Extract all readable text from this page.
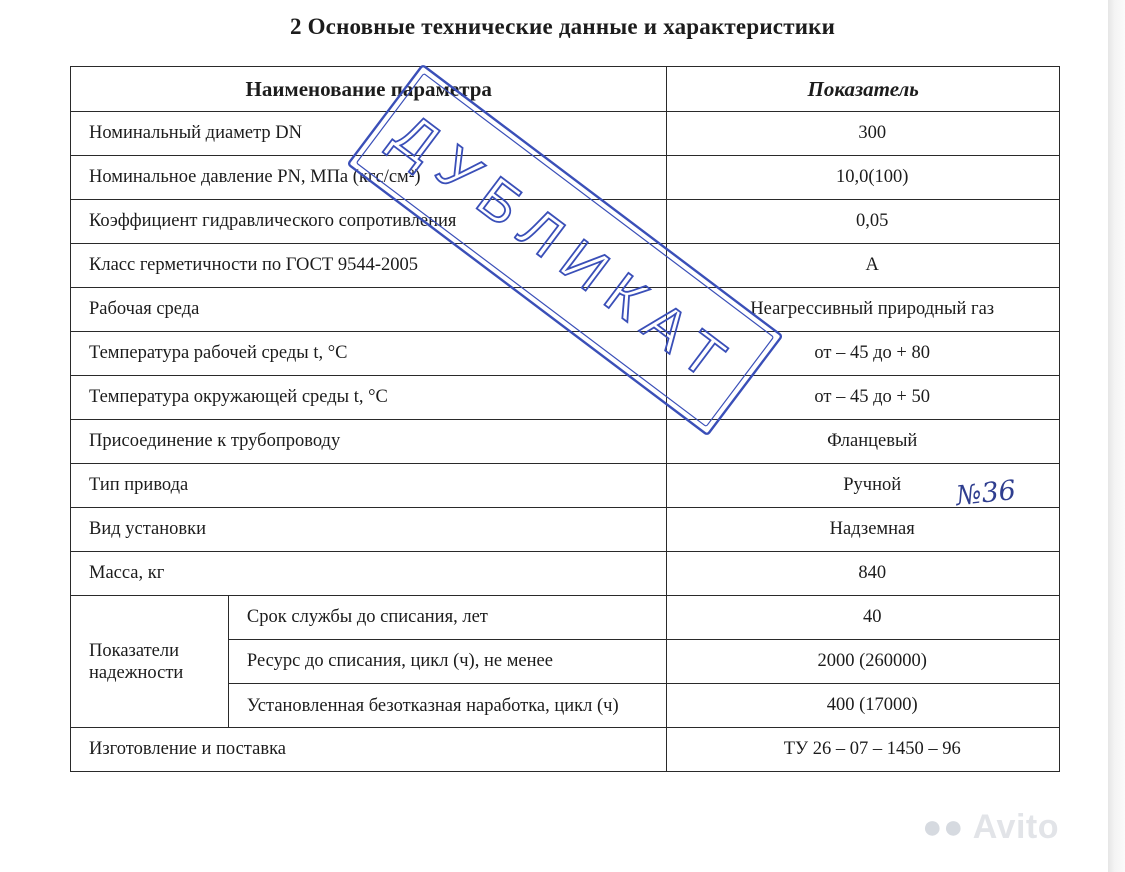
2 Основные технические данные и характеристики
Наименование параметра		Показатель
Номинальный диаметр DN		300
Номинальное давление PN, МПа (кгс/см²)		10,0(100)
Коэффициент гидравлического сопротивления		0,05
Класс герметичности по ГОСТ 9544-2005		А
Рабочая среда		Неагрессивный природный газ
Температура рабочей среды t, °C		от – 45 до + 80
Температура окружающей среды t, °C		от – 45 до + 50
Присоединение к трубопроводу		Фланцевый
Тип привода		Ручной
Вид установки		Надземная
Масса, кг		840
Показатели надежности	Срок службы до списания, лет	40
	Ресурс до списания, цикл (ч), не менее	2000 (260000)
	Установленная безотказная наработка, цикл (ч)	400 (17000)
Изготовление и поставка		ТУ 26 – 07 – 1450 – 96
ДУБЛИКАТ
№36
●● Avito
